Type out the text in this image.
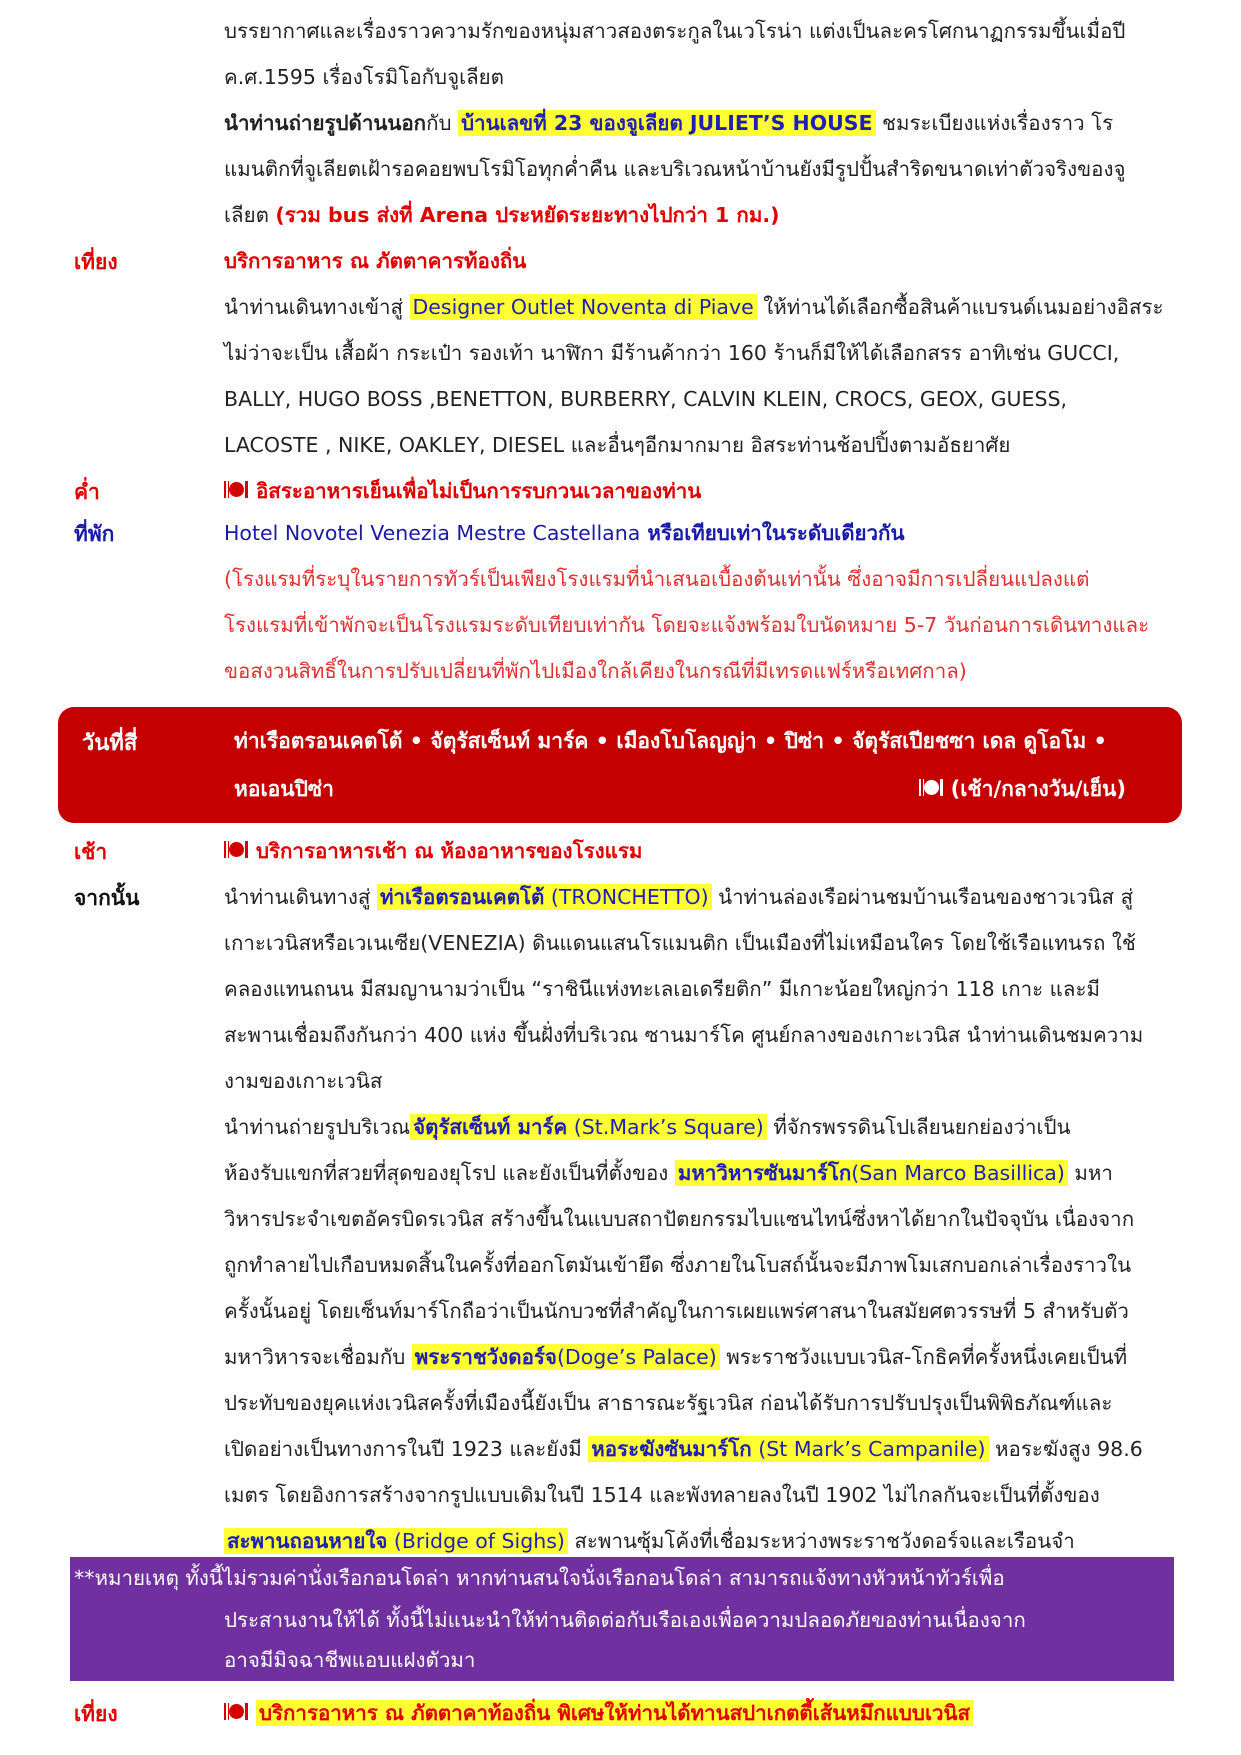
บรรยากาศและเรื่องราวความรักของหนุ่มสาวสองตระกูลในเวโรน่า แต่งเป็นละครโศกนาฏกรรมขึ้นเมื่อปี
ค.ศ.1595 เรื่องโรมิโอกับจูเลียต
นำท่านถ่ายรูปด้านนอกกับ บ้านเลขที่ 23 ของจูเลียต JULIET’S HOUSE ชมระเบียงแห่งเรื่องราว โร
แมนติกที่จูเลียตเฝ้ารอคอยพบโรมิโอทุกค่ำคืน และบริเวณหน้าบ้านยังมีรูปปั้นสำริดขนาดเท่าตัวจริงของจู
เลียต (รวม bus ส่งที่ Arena ประหยัดระยะทางไปกว่า 1 กม.)
เที่ยง	บริการอาหาร ณ ภัตตาคารท้องถิ่น
นำท่านเดินทางเข้าสู่ Designer Outlet Noventa di Piave ให้ท่านได้เลือกซื้อสินค้าแบรนด์เนมอย่างอิสระ
ไม่ว่าจะเป็น เสื้อผ้า กระเป๋า รองเท้า นาฬิกา มีร้านค้ากว่า 160 ร้านก็มีให้ได้เลือกสรร อาทิเช่น GUCCI,
BALLY, HUGO BOSS ,BENETTON, BURBERRY, CALVIN KLEIN, CROCS, GEOX, GUESS,
LACOSTE , NIKE, OAKLEY, DIESEL และอื่นๆอีกมากมาย อิสระท่านช้อปปิ้งตามอัธยาศัย
ค่ำ	อิสระอาหารเย็นเพื่อไม่เป็นการรบกวนเวลาของท่าน
ที่พัก	Hotel Novotel Venezia Mestre Castellana หรือเทียบเท่าในระดับเดียวกัน
(โรงแรมที่ระบุในรายการทัวร์เป็นเพียงโรงแรมที่นำเสนอเบื้องต้นเท่านั้น ซึ่งอาจมีการเปลี่ยนแปลงแต่
โรงแรมที่เข้าพักจะเป็นโรงแรมระดับเทียบเท่ากัน โดยจะแจ้งพร้อมใบนัดหมาย 5-7 วันก่อนการเดินทางและ
ขอสงวนสิทธิ์ในการปรับเปลี่ยนที่พักไปเมืองใกล้เคียงในกรณีที่มีเทรดแฟร์หรือเทศกาล)
วันที่สี่	ท่าเรือตรอนเคตโต้ • จัตุรัสเซ็นท์ มาร์ค • เมืองโบโลญญ่า • ปิซ่า • จัตุรัสเปียชซา เดล ดูโอโม •
หอเอนปิซ่า	(เช้า/กลางวัน/เย็น)
เช้า	บริการอาหารเช้า ณ ห้องอาหารของโรงแรม
จากนั้น	นำท่านเดินทางสู่ ท่าเรือตรอนเคตโต้ (TRONCHETTO) นำท่านล่องเรือผ่านชมบ้านเรือนของชาวเวนิส สู่
เกาะเวนิสหรือเวเนเซีย(VENEZIA) ดินแดนแสนโรแมนติก เป็นเมืองที่ไม่เหมือนใคร โดยใช้เรือแทนรถ ใช้
คลองแทนถนน มีสมญานามว่าเป็น “ราชินีแห่งทะเลเอเดรียติก” มีเกาะน้อยใหญ่กว่า 118 เกาะ และมี
สะพานเชื่อมถึงกันกว่า 400 แห่ง ขึ้นฝั่งที่บริเวณ ซานมาร์โค ศูนย์กลางของเกาะเวนิส นำท่านเดินชมความ
งามของเกาะเวนิส
นำท่านถ่ายรูปบริเวณ จัตุรัสเซ็นท์ มาร์ค (St.Mark’s Square) ที่จักรพรรดินโปเลียนยกย่องว่าเป็น
ห้องรับแขกที่สวยที่สุดของยุโรป และยังเป็นที่ตั้งของ มหาวิหารซันมาร์โก(San Marco Basillica) มหา
วิหารประจำเขตอัครบิดรเวนิส สร้างขึ้นในแบบสถาปัตยกรรมไบแซนไทน์ซึ่งหาได้ยากในปัจจุบัน เนื่องจาก
ถูกทำลายไปเกือบหมดสิ้นในครั้งที่ออกโตมันเข้ายึด ซึ่งภายในโบสถ์นั้นจะมีภาพโมเสกบอกเล่าเรื่องราวใน
ครั้งนั้นอยู่ โดยเซ็นท์มาร์โกถือว่าเป็นนักบวชที่สำคัญในการเผยแพร่ศาสนาในสมัยศตวรรษที่ 5 สำหรับตัว
มหาวิหารจะเชื่อมกับ พระราชวังดอร์จ(Doge’s Palace) พระราชวังแบบเวนิส-โกธิคที่ครั้งหนึ่งเคยเป็นที่
ประทับของยุคแห่งเวนิสครั้งที่เมืองนี้ยังเป็น สาธารณะรัฐเวนิส ก่อนได้รับการปรับปรุงเป็นพิพิธภัณฑ์และ
เปิดอย่างเป็นทางการในปี 1923 และยังมี หอระฆังซันมาร์โก (St Mark’s Campanile) หอระฆังสูง 98.6
เมตร โดยอิงการสร้างจากรูปแบบเดิมในปี 1514 และพังทลายลงในปี 1902 ไม่ไกลกันจะเป็นที่ตั้งของ
สะพานถอนหายใจ (Bridge of Sighs) สะพานซุ้มโค้งที่เชื่อมระหว่างพระราชวังดอร์จและเรือนจำ
**หมายเหตุ ทั้งนี้ไม่รวมค่านั่งเรือกอนโดล่า หากท่านสนใจนั่งเรือกอนโดล่า สามารถแจ้งทางหัวหน้าทัวร์เพื่อ
ประสานงานให้ได้ ทั้งนี้ไม่แนะนำให้ท่านติดต่อกับเรือเองเพื่อความปลอดภัยของท่านเนื่องจาก
อาจมีมิจฉาชีพแอบแฝงตัวมา
เที่ยง	บริการอาหาร ณ ภัตตาคาท้องถิ่น พิเศษให้ท่านได้ทานสปาเกตตี้เส้นหมึกแบบเวนิส
